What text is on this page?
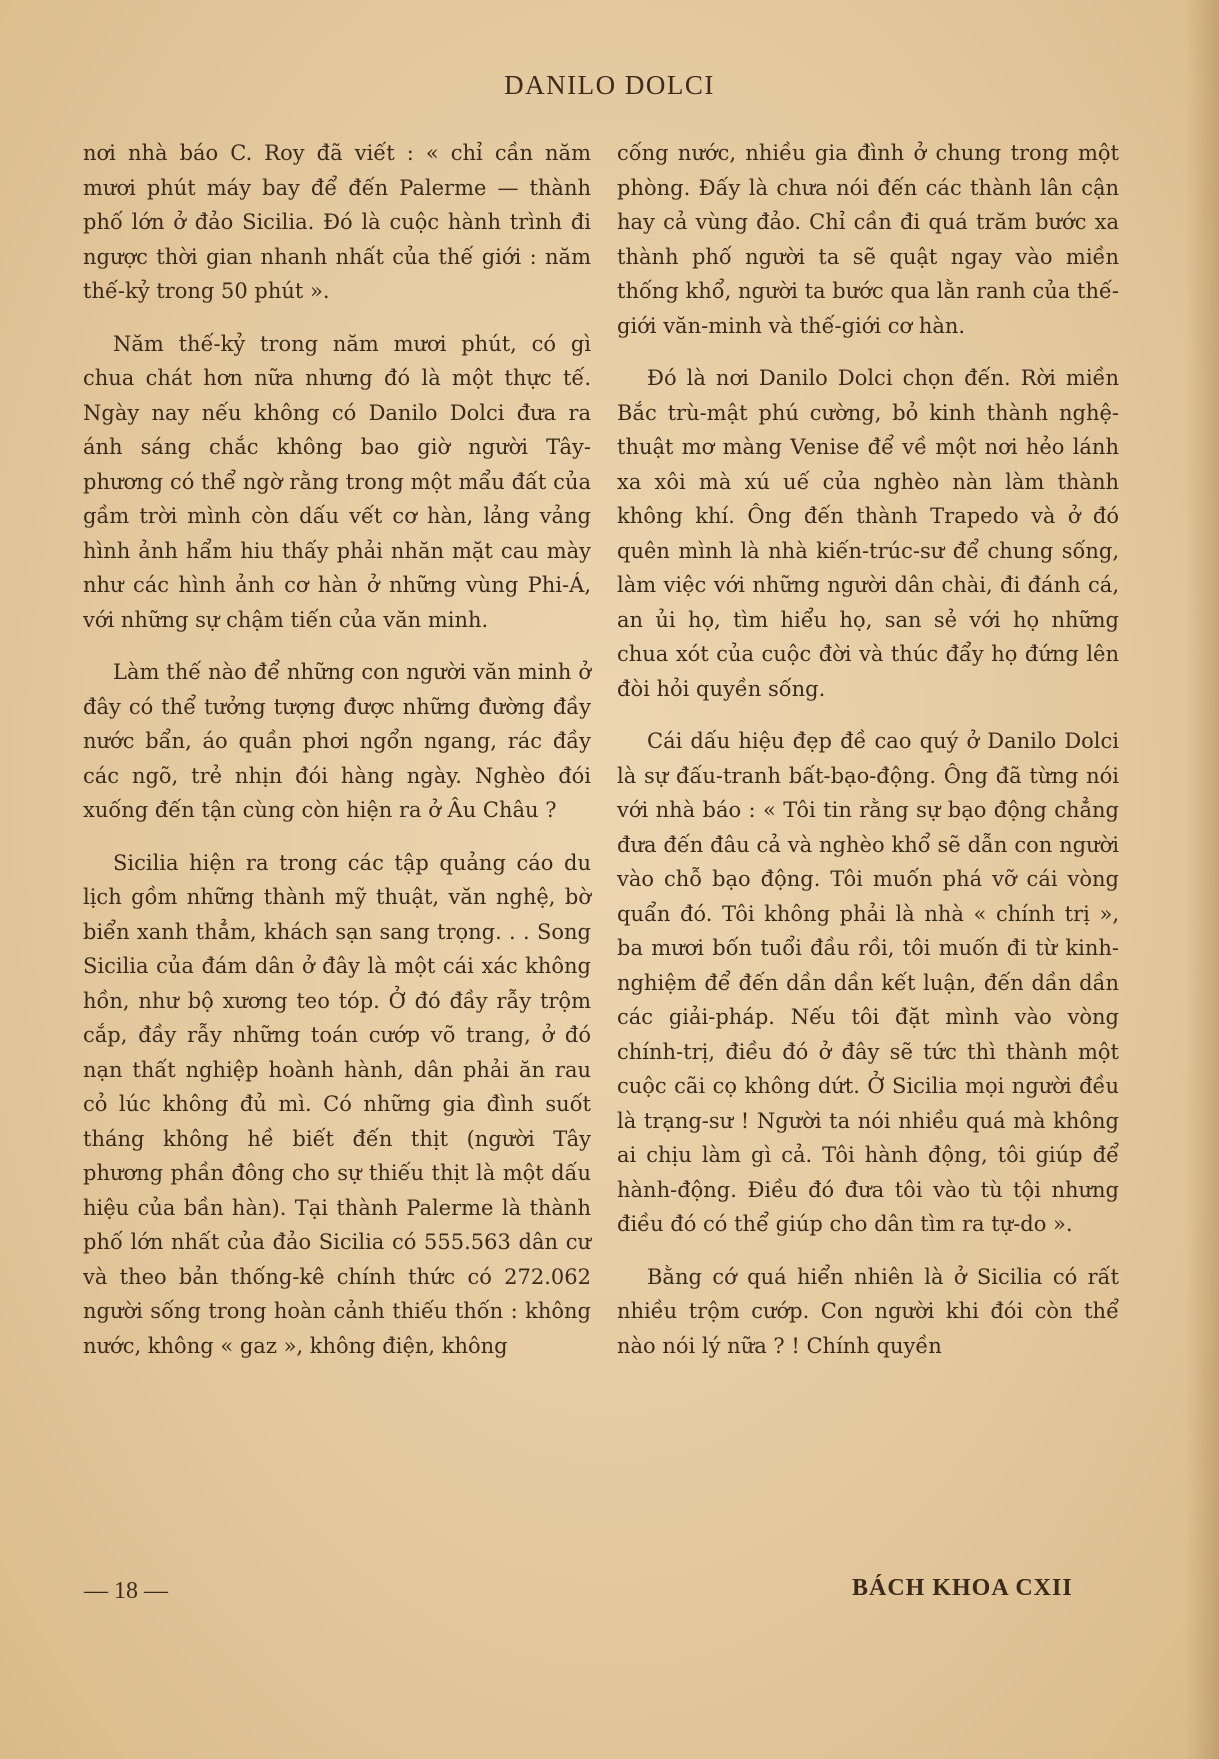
DANILO DOLCI

nơi nhà báo C. Roy đã viết : « chỉ cần năm mươi phút máy bay để đến Palerme — thành phố lớn ở đảo Sicilia. Đó là cuộc hành trình đi ngược thời gian nhanh nhất của thế giới : năm thế-kỷ trong 50 phút ».

Năm thế-kỷ trong năm mươi phút, có gì chua chát hơn nữa nhưng đó là một thực tế. Ngày nay nếu không có Danilo Dolci đưa ra ánh sáng chắc không bao giờ người Tây-phương có thể ngờ rằng trong một mẩu đất của gầm trời mình còn dấu vết cơ hàn, lảng vảng hình ảnh hẩm hiu thấy phải nhăn mặt cau mày như các hình ảnh cơ hàn ở những vùng Phi-Á, với những sự chậm tiến của văn minh.

Làm thế nào để những con người văn minh ở đây có thể tưởng tượng được những đường đầy nước bẩn, áo quần phơi ngổn ngang, rác đầy các ngõ, trẻ nhịn đói hàng ngày. Nghèo đói xuống đến tận cùng còn hiện ra ở Âu Châu ?

Sicilia hiện ra trong các tập quảng cáo du lịch gồm những thành mỹ thuật, văn nghệ, bờ biển xanh thẳm, khách sạn sang trọng. . . Song Sicilia của đám dân ở đây là một cái xác không hồn, như bộ xương teo tóp. Ở đó đầy rẫy trộm cắp, đầy rẫy những toán cướp võ trang, ở đó nạn thất nghiệp hoành hành, dân phải ăn rau cỏ lúc không đủ mì. Có những gia đình suốt tháng không hề biết đến thịt (người Tây phương phần đông cho sự thiếu thịt là một dấu hiệu của bần hàn). Tại thành Palerme là thành phố lớn nhất của đảo Sicilia có 555.563 dân cư và theo bản thống-kê chính thức có 272.062 người sống trong hoàn cảnh thiếu thốn : không nước, không « gaz », không điện, không

cống nước, nhiều gia đình ở chung trong một phòng. Đấy là chưa nói đến các thành lân cận hay cả vùng đảo. Chỉ cần đi quá trăm bước xa thành phố người ta sẽ quật ngay vào miền thống khổ, người ta bước qua lằn ranh của thế-giới văn-minh và thế-giới cơ hàn.

Đó là nơi Danilo Dolci chọn đến. Rời miền Bắc trù-mật phú cường, bỏ kinh thành nghệ-thuật mơ màng Venise để về một nơi hẻo lánh xa xôi mà xú uế của nghèo nàn làm thành không khí. Ông đến thành Trapedo và ở đó quên mình là nhà kiến-trúc-sư để chung sống, làm việc với những người dân chài, đi đánh cá, an ủi họ, tìm hiểu họ, san sẻ với họ những chua xót của cuộc đời và thúc đẩy họ đứng lên đòi hỏi quyền sống.

Cái dấu hiệu đẹp đề cao quý ở Danilo Dolci là sự đấu-tranh bất-bạo-động. Ông đã từng nói với nhà báo : « Tôi tin rằng sự bạo động chẳng đưa đến đâu cả và nghèo khổ sẽ dẫn con người vào chỗ bạo động. Tôi muốn phá vỡ cái vòng quẩn đó. Tôi không phải là nhà « chính trị », ba mươi bốn tuổi đầu rồi, tôi muốn đi từ kinh-nghiệm để đến dần dần kết luận, đến dần dần các giải-pháp. Nếu tôi đặt mình vào vòng chính-trị, điều đó ở đây sẽ tức thì thành một cuộc cãi cọ không dứt. Ở Sicilia mọi người đều là trạng-sư ! Người ta nói nhiều quá mà không ai chịu làm gì cả. Tôi hành động, tôi giúp để hành-động. Điều đó đưa tôi vào tù tội nhưng điều đó có thể giúp cho dân tìm ra tự-do ».

Bằng cớ quá hiển nhiên là ở Sicilia có rất nhiều trộm cướp. Con người khi đói còn thể nào nói lý nữa ? ! Chính quyền

— 18 —	BÁCH KHOA CXII
